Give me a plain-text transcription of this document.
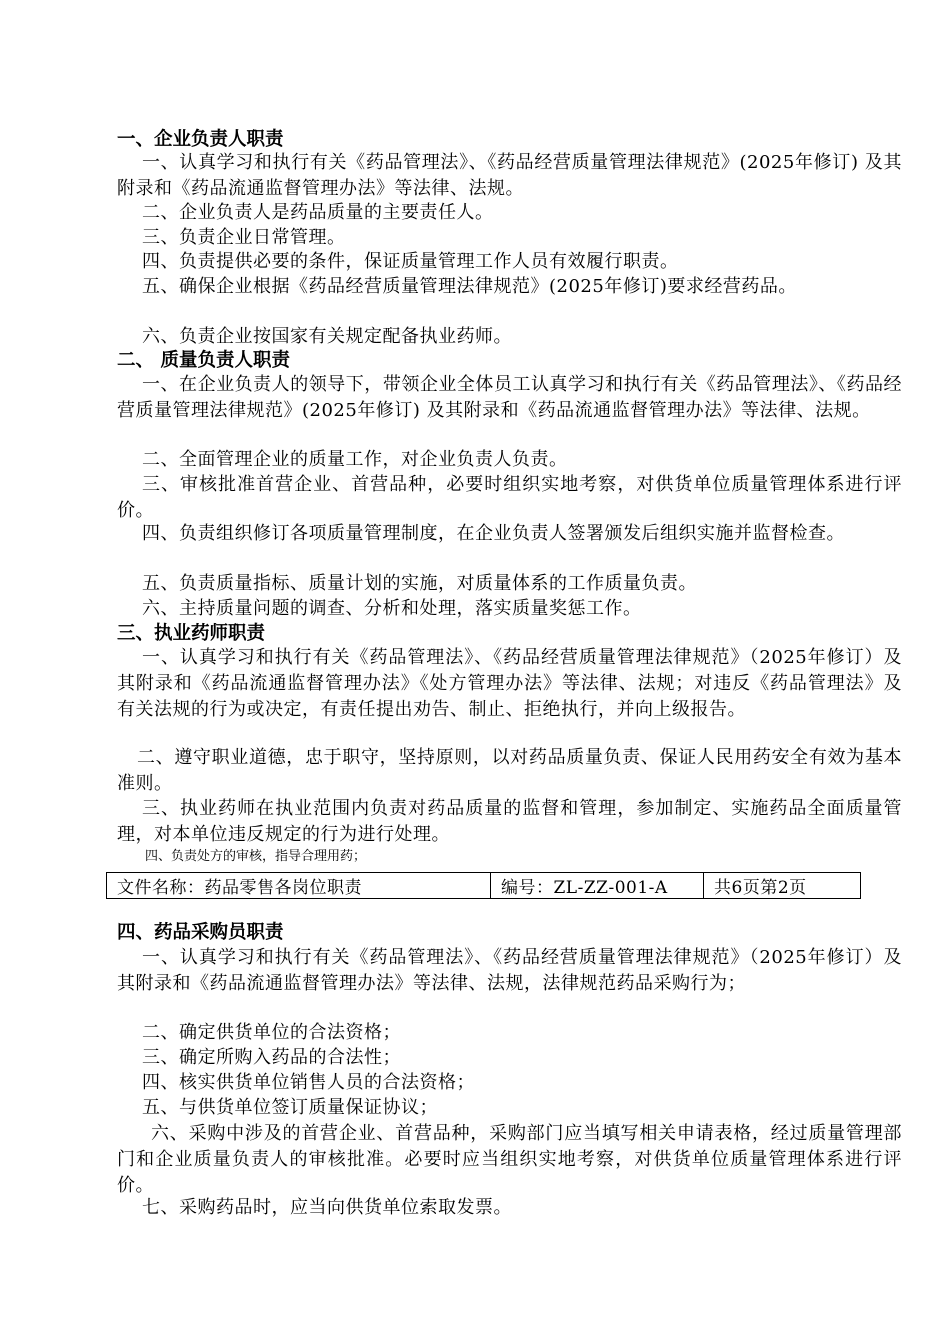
一、企业负责人职责
一、认真学习和执行有关《药品管理法》、《药品经营质量管理法律规范》(2025年修订) 及其附录和《药品流通监督管理办法》等法律、法规。
二、企业负责人是药品质量的主要责任人。
三、负责企业日常管理。
四、负责提供必要的条件，保证质量管理工作人员有效履行职责。
五、确保企业根据《药品经营质量管理法律规范》(2025年修订)要求经营药品。
六、负责企业按国家有关规定配备执业药师。
二、 质量负责人职责
一、在企业负责人的领导下，带领企业全体员工认真学习和执行有关《药品管理法》、《药品经营质量管理法律规范》(2025年修订) 及其附录和《药品流通监督管理办法》等法律、法规。
二、全面管理企业的质量工作，对企业负责人负责。
三、审核批准首营企业、首营品种，必要时组织实地考察，对供货单位质量管理体系进行评价。
四、负责组织修订各项质量管理制度，在企业负责人签署颁发后组织实施并监督检查。
五、负责质量指标、质量计划的实施，对质量体系的工作质量负责。
六、主持质量问题的调查、分析和处理，落实质量奖惩工作。
三、执业药师职责
一、认真学习和执行有关《药品管理法》、《药品经营质量管理法律规范》（2025年修订）及其附录和《药品流通监督管理办法》《处方管理办法》等法律、法规；对违反《药品管理法》及有关法规的行为或决定，有责任提出劝告、制止、拒绝执行，并向上级报告。
二、遵守职业道德，忠于职守，坚持原则，以对药品质量负责、保证人民用药安全有效为基本准则。
三、执业药师在执业范围内负责对药品质量的监督和管理，参加制定、实施药品全面质量管理，对本单位违反规定的行为进行处理。
四、负责处方的审核，指导合理用药；
四、药品采购员职责
一、认真学习和执行有关《药品管理法》、《药品经营质量管理法律规范》（2025年修订）及其附录和《药品流通监督管理办法》等法律、法规，法律规范药品采购行为；
二、确定供货单位的合法资格；
三、确定所购入药品的合法性；
四、核实供货单位销售人员的合法资格；
五、与供货单位签订质量保证协议；
六、采购中涉及的首营企业、首营品种，采购部门应当填写相关申请表格，经过质量管理部门和企业质量负责人的审核批准。必要时应当组织实地考察，对供货单位质量管理体系进行评价。
七、采购药品时，应当向供货单位索取发票。
文件名称：药品零售各岗位职责	编号：ZL-ZZ-001-A	共6页第2页
